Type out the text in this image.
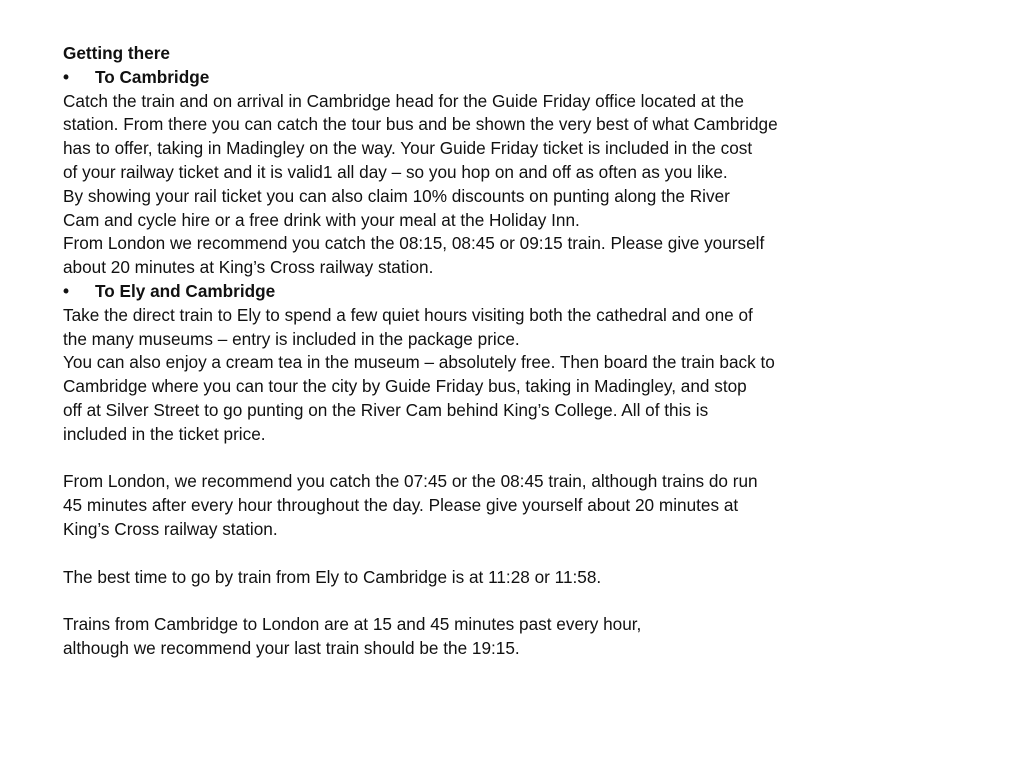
Getting there
• To Cambridge
Catch the train and on arrival in Cambridge head for the Guide Friday office located at the
station. From there you can catch the tour bus and be shown the very best of what Cambridge
has to offer, taking in Madingley on the way. Your Guide Friday ticket is included in the cost
of your railway ticket and it is valid1 all day – so you hop on and off as often as you like.
By showing your rail ticket you can also claim 10% discounts on punting along the River
Cam and cycle hire or a free drink with your meal at the Holiday Inn.
From London we recommend you catch the 08:15, 08:45 or 09:15 train. Please give yourself
about 20 minutes at King’s Cross railway station.
• To Ely and Cambridge
Take the direct train to Ely to spend a few quiet hours visiting both the cathedral and one of
the many museums – entry is included in the package price.
You can also enjoy a cream tea in the museum – absolutely free. Then board the train back to
Cambridge where you can tour the city by Guide Friday bus, taking in Madingley, and stop
off at Silver Street to go punting on the River Cam behind King’s College. All of this is
included in the ticket price.
From London, we recommend you catch the 07:45 or the 08:45 train, although trains do run
45 minutes after every hour throughout the day. Please give yourself about 20 minutes at
King’s Cross railway station.
The best time to go by train from Ely to Cambridge is at 11:28 or 11:58.
Trains from Cambridge to London are at 15 and 45 minutes past every hour,
although we recommend your last train should be the 19:15.
